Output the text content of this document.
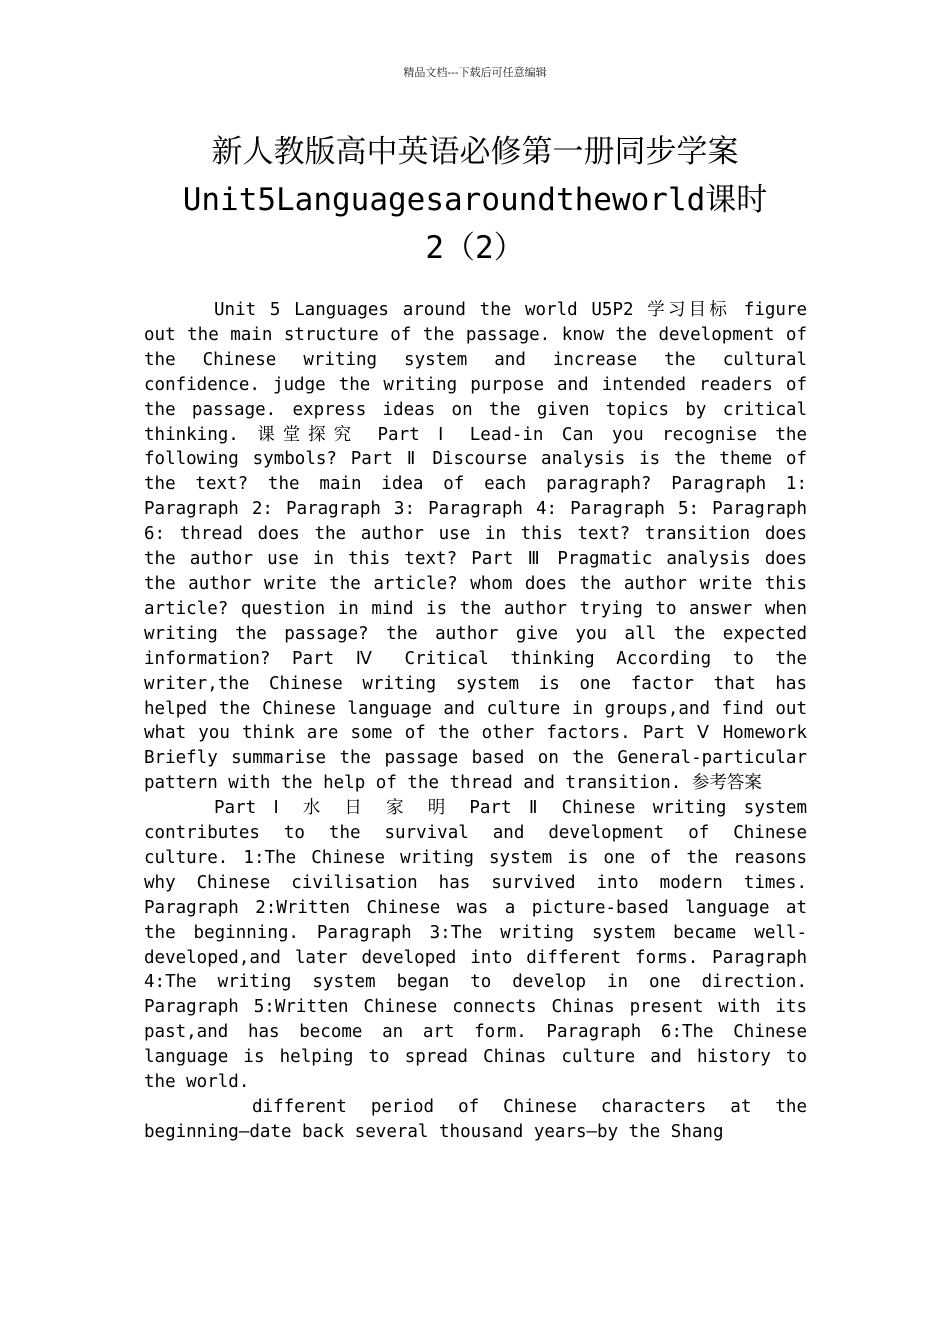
精品文档---下载后可任意编辑
新人教版高中英语必修第一册同步学案
Unit5Languagesaroundtheworld课时
2（2）

Unit 5 Languages around the world U5P2 学习目标 figure out the main structure of the passage. know the development of the Chinese writing system and increase the cultural confidence. judge the writing purpose and intended readers of the passage. express ideas on the given topics by critical thinking. 课堂探究 Part Ⅰ Lead-in Can you recognise the following symbols? Part Ⅱ Discourse analysis is the theme of the text? the main idea of each paragraph? Paragraph 1: Paragraph 2: Paragraph 3: Paragraph 4: Paragraph 5: Paragraph 6: thread does the author use in this text? transition does the author use in this text? Part Ⅲ Pragmatic analysis does the author write the article? whom does the author write this article? question in mind is the author trying to answer when writing the passage? the author give you all the expected information? Part Ⅳ Critical thinking According to the writer,the Chinese writing system is one factor that has helped the Chinese language and culture in groups,and find out what you think are some of the other factors. Part Ⅴ Homework Briefly summarise the passage based on the General-particular pattern with the help of the thread and transition. 参考答案

Part Ⅰ 水 日 家 明 Part Ⅱ Chinese writing system contributes to the survival and development of Chinese culture. 1:The Chinese writing system is one of the reasons why Chinese civilisation has survived into modern times. Paragraph 2:Written Chinese was a picture-based language at the beginning. Paragraph 3:The writing system became well-developed,and later developed into different forms. Paragraph 4:The writing system began to develop in one direction. Paragraph 5:Written Chinese connects Chinas present with its past,and has become an art form. Paragraph 6:The Chinese language is helping to spread Chinas culture and history to the world.

different period of Chinese characters at the beginning—date back several thousand years—by the Shang
